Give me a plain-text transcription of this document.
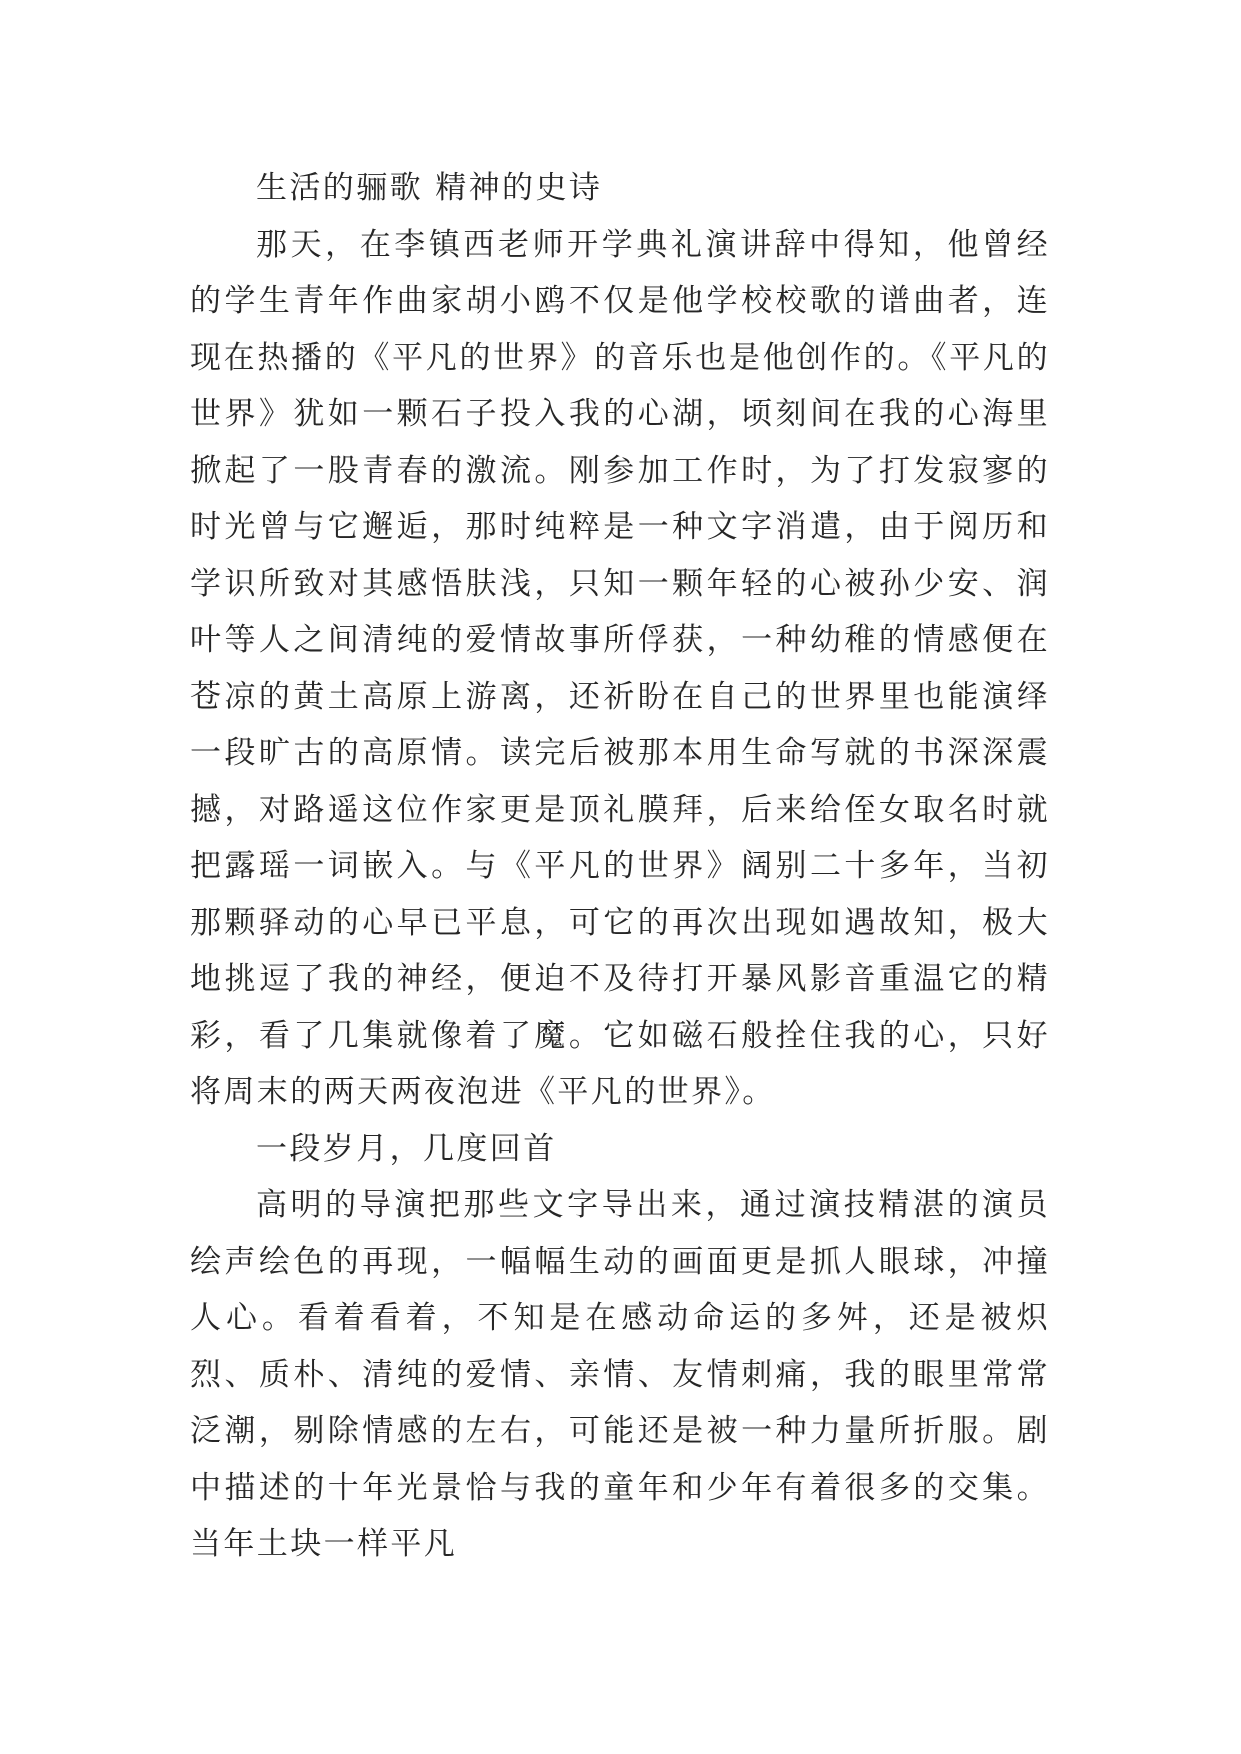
生活的骊歌 精神的史诗

那天，在李镇西老师开学典礼演讲辞中得知，他曾经的学生青年作曲家胡小鸥不仅是他学校校歌的谱曲者，连现在热播的《平凡的世界》的音乐也是他创作的。《平凡的世界》犹如一颗石子投入我的心湖，顷刻间在我的心海里掀起了一股青春的激流。刚参加工作时，为了打发寂寥的时光曾与它邂逅，那时纯粹是一种文字消遣，由于阅历和学识所致对其感悟肤浅，只知一颗年轻的心被孙少安、润叶等人之间清纯的爱情故事所俘获，一种幼稚的情感便在苍凉的黄土高原上游离，还祈盼在自己的世界里也能演绎一段旷古的高原情。读完后被那本用生命写就的书深深震撼，对路遥这位作家更是顶礼膜拜，后来给侄女取名时就把露瑶一词嵌入。与《平凡的世界》阔别二十多年，当初那颗驿动的心早已平息，可它的再次出现如遇故知，极大地挑逗了我的神经，便迫不及待打开暴风影音重温它的精彩，看了几集就像着了魔。它如磁石般拴住我的心，只好将周末的两天两夜泡进《平凡的世界》。

一段岁月，几度回首

高明的导演把那些文字导出来，通过演技精湛的演员绘声绘色的再现，一幅幅生动的画面更是抓人眼球，冲撞人心。看着看着，不知是在感动命运的多舛，还是被炽烈、质朴、清纯的爱情、亲情、友情刺痛，我的眼里常常泛潮，剔除情感的左右，可能还是被一种力量所折服。剧中描述的十年光景恰与我的童年和少年有着很多的交集。当年土块一样平凡
